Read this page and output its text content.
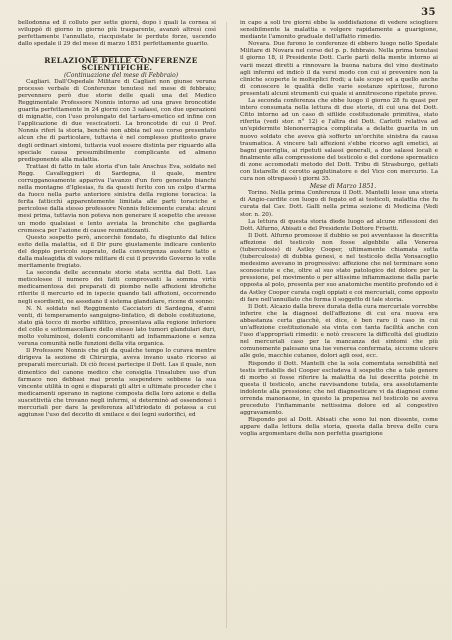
35

bellodonna ed il colluto per sette giorni, dopo i quali la cornea si sviluppò di giorno in giorno più trasparente, avanzò altresì così perfettamente l'annullato, riacquistate le perdute forze, uscendo dallo spedale il 29 del mese di marzo 1851 perfettamente guarito.

RELAZIONE DELLE CONFERENZE SCIENTIFICHE.

(Continuazione del mese di Febbraio)

Cagliari. Dall'Ospedale Militare di Cagliari non giunse veruna processo verbale di Conferenze tenutesi nel mese di febbraio; pervennero però due storie delle quali una del Medico Reggimentale Professore Nonnis intorno ad una grave broncotide guarita perfettamente in 24 giorni con 3 salassi, con due operazioni di mignatte, con l'uso prolungato del tartaro-emetico ed infine con l'applicazione di due vescicatorii. La broncotide di cui il Prof. Nonnis riferì la storia, benchè non abbia nel suo corso presentato alcun che di particolare, tuttavia è nel complesso piuttosto grave degli ordinari sintomi, tuttavia vuol essere distinta per riguardo alla speciale causa presumibilmente complicante ed almeno predisponente alla malattia.

Trattasi di fatto in tale storia d'un tale Anschus Eva, soldato nel Regg. Cavalleggieri di Sardegna, il quale, mentre corrugganosamente appariva l'avanzo d'un foro generato bianchi nella montagne d'Iglesias, fu da questi ferito con un colpo d'arma da fuoco nella parte anteriore sinistra della regione toracica: la ferita fatticchì apparentemente limitata alle parti toraciche e pericolose dalla stesso professore Nonnis felicemente curata: alcuni mesi prima, tuttavia non poteva non generare il sospetto che avesse un modo qualsiasi e lento avviata la bronchite che gagliarda cromosca per l'azione di cause reumatizzanti.

Questo sospetto però, ancorchè fondato, fu disgiunto dal felice esito della malattia, ed il Dir pure giustamente indicare contento del doppio pericolo superato, della convergenza austere tatto e dalla maleagidia di valore militare di cui il provvido Governo lo volle meritamente fregiato.

La seconda delle accennate storie stata scritta dal Dott. Las meticolosee il numero dei fatti comprovanti la somma virtù medicamentosa dei preparati di piombo nelle affezioni idrofiche riferite il mercurio ed in ispecie quando tali affezioni, occorrendo negli esordienti, ne assedano il sistema glandulare, ricene di sonno:

N. N. soldato nel Reggimento Cacciatori di Sardegna, d'anni venti, di temperamento sanguigno-linfatico, di debole costituzione, stato già tocco di morbo sifilitico, presentava alla regione inferiore del collo e sottomascellare dello stesso lato tumori glandulari duri, molto voluminosi, dolenti concomitanti ad infiammazione e senza veruna comunità nelle funzioni della vita organica.

Il Professore Nonnis che gli da qualche tempo lo curava mentre dirigeva la sezione di Chirurgia, aveva invano usato ricorso ai preparati mercuriali. Di ciò fecesi partecipe il Dott. Las il quale, non dimentico del canone medico che consiglia l'insalubre uso d'un farmaco non debbasi mai pronta sospendere sebbene la sua vincente utilità in ogni e disparati gli altri e ultimate proceder che i medicamenti operano in ragione composta della loro azione e della suscettività che trovano negli infermi, si determinò ad ossendonsi i mercuriali per dare la preferenza all'idriodato di potassa a cui aggiunse l'uso del decotto di smilace e dei legni sudorifici, ed

in capo a soli tre giorni ebbe la soddisfazione di vedere sciogliere sensibilmente la malattia e volgere rapidamente a guarigione, mediante l'amonito graduale dell'affatto rimedio.

Novara. Due furono le conferenze di ebbero luogo nello Spedale Militare di Novara nel corso del p. p. febbraio. Nella prima tenutasi il giorno 18, il Presidente Dott. Carle partì della mente intorno ai varii mezzi diretti a rinnovare la buona natura del vino destinato agli infermi ed indicò il da versi modo con cui si prevenire non la cliniche scoperte le molteplici frodi; a tale scopo ed a quello anche di conoscere le qualità delle varie sostanze spiritose, furono presentati alcuni strumenti cui quale si annitrescono ripetute prove.

La seconda conferenza che ebbe luogo il giorno 28 fu quasi per intero consumata nella lettura di due storie, di cui una del Dott. Citto intorno ad un caso di sifilide costituzionale primitiva, stato riferita (vedi stor. n° 12) e l'altra del Dott. Carlotti relativa ad un'epidermite blenonerragica complicata a delatte guarita in un nuovo soldato che aveva già sofferto un'orchite sinistra da causa traumatica. A vincere tali affezioni s'ebbe ricorso agli emetici, ai bagni guerriglia, ai ripetuti salassi generali, a due salassi locali e finalmente alla compressione del testicolo e del cordone spermatico di zone accomodati metodo del Dott. Tribu di Strasburgo, gettati con listarelle di cerotto agglutinatore e del Vico con mercurio. La cura non oltrepassò i giorni 35.

Mese di Marzo 1851.

Torino. Nella prima Conferenza il Dott. Mantelli lesse una storia di Angio-cardite con luogo di fegato ed ai testicoli, malattia che fu curata dal Cav. Dott. Galli nella prima sezione di Medicina (Vedi stor. n. 20).

La lettura di questa storia diede luogo ad alcune riflessioni dei Dott. Alfurno, Abisati e del Presidente Dottore Frisetti.

Il Dott. Alfurno promosse il dubbio se poi avventasse la descritta affezione del testicolo non fosse algebbile alla Venerea (tuberculosis) di Astley Cooper, ultimamente chiamata sutta (tuberculosis) di dubbia genesi, e nel testicolo della Vonsacoglio medesimo avevano in progressivo: affezione che nel terminare sono sconosciute e che, oltre al suo stato patologico del dolore per la pressione, pel movimento o per altissime infiammazione dalla parte opposta al polo, presenta per suo anatomiche mentito profondo ed è da Astley Cooper curata cogli oppiati e coi mercuriali, come opposto di fare nell'annullato che forma il soggetto di tale storia.

Il Dott. Alcazio dalla breve durata della cura mercuriale vorrebbe inferire che la diagnosi dell'affezione di cui era nuova era abbastanza certa giacchè, ei dice, è ben raro il caso in cui un'affezione costituzionale sia vinta con tanta facilità anche con l'uso d'appropriati rimedii: e notò crescere la difficoltà del giudizio nel mercuriali caso per la mancanza dei sintomi che più comunemente palesano una lue venerea confermata, siccome ulcere alle gole, macchie cutanee, dolori agli ossi, ecc.

Rispondo il Dott. Mantelli che la sola comemtata sensibilità nel testis irritabilis del Cooper escludeva il sospetto che a tale genere di morbo si fosse riferire la malattia da lui descritta poichè in questa il testicolo, anche ravvisandone tutela, era assolutamente indolente alla pressione; che nel diagnosticare vi da diagnosi come orrenda manonaone, in questo la propensa nel testicolo ne aveva preceduto l'infiammante nettissima dolore ed al congestivo aggravamento.

Rispondo poi al Dott. Abisati che sono lui non dissente, come appare dalla lettura della storia, questa dalla breva dello cura voglia argomentare della non perfetta guarigione
